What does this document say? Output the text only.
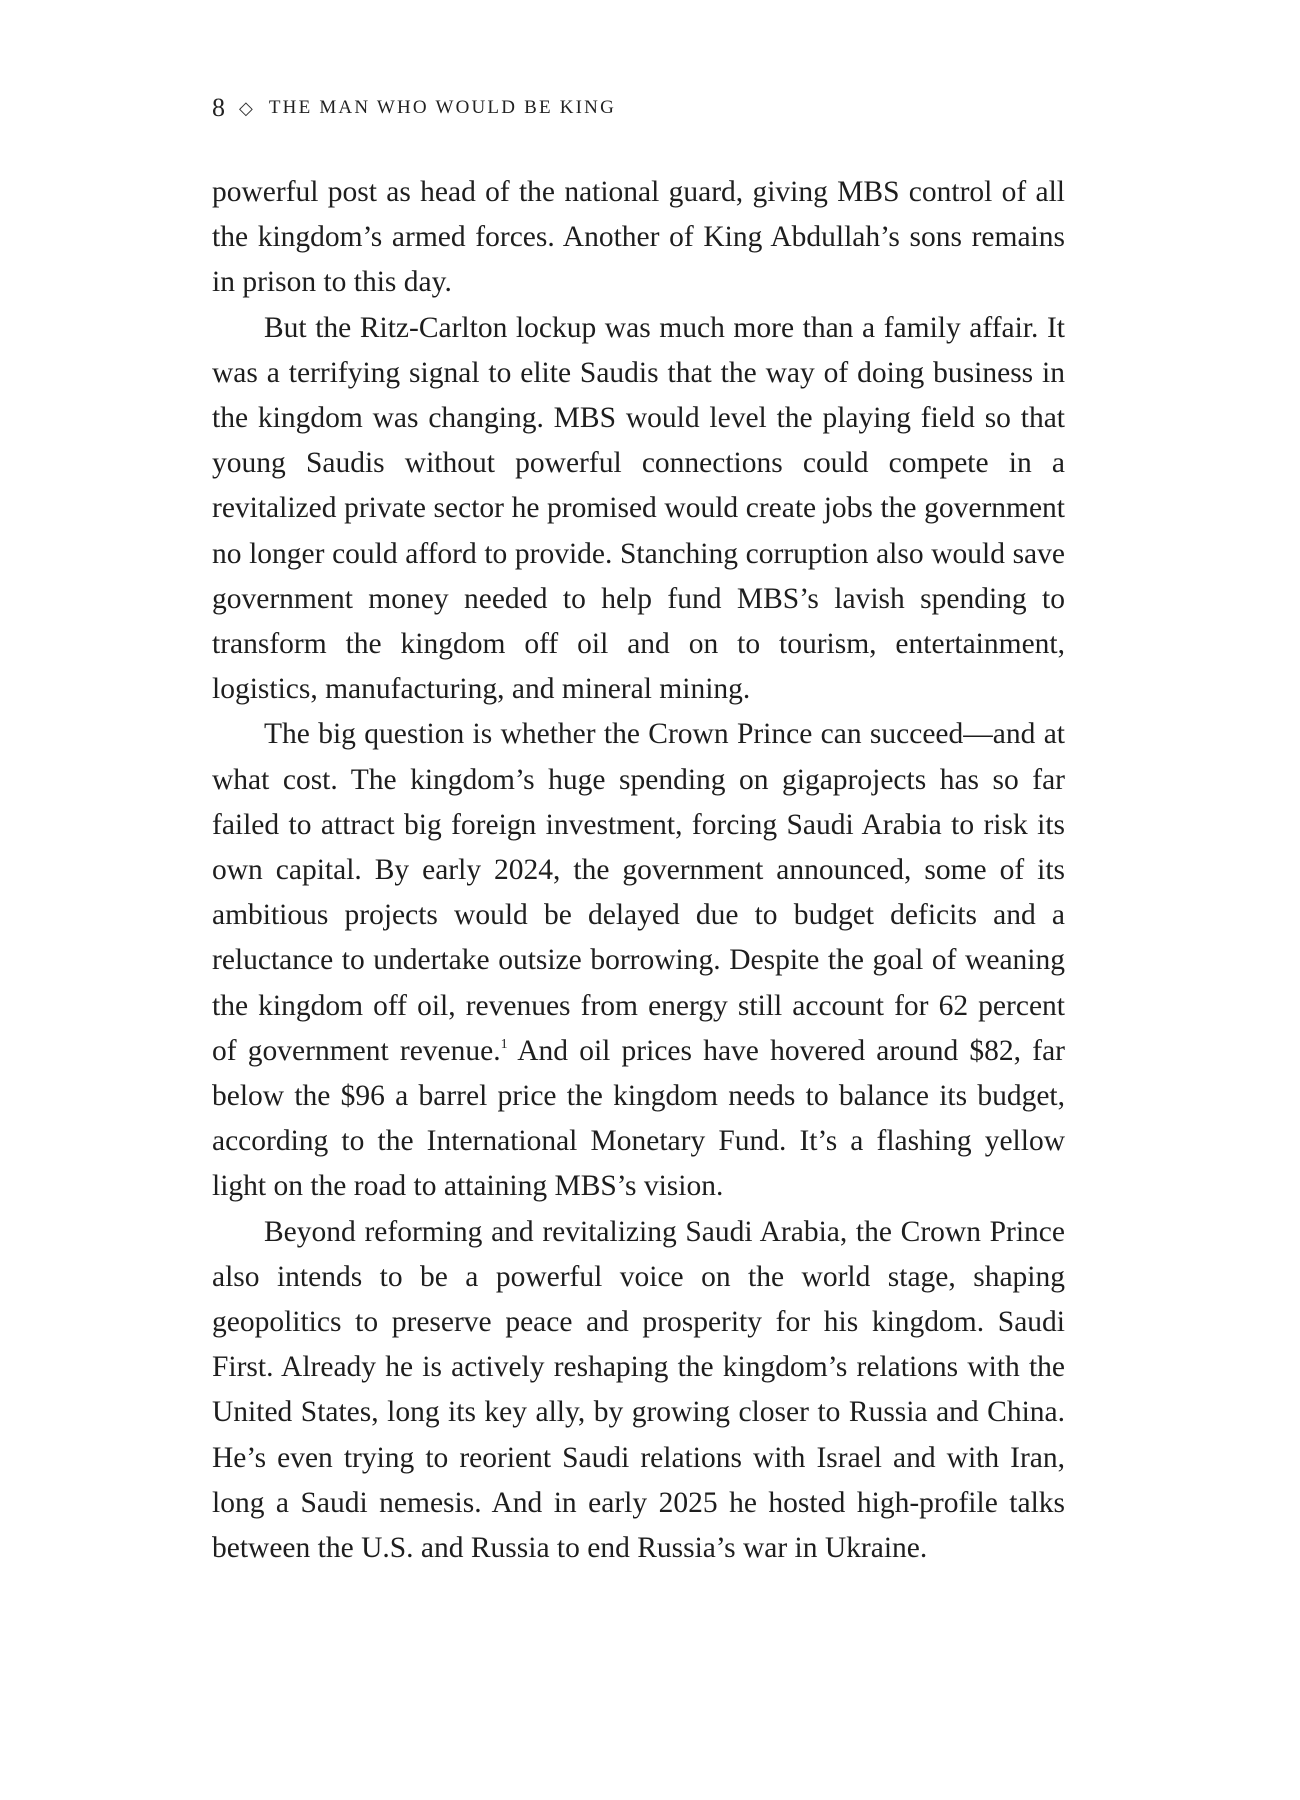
8 ◇ THE MAN WHO WOULD BE KING

powerful post as head of the national guard, giving MBS control of all the kingdom’s armed forces. Another of King Abdullah’s sons remains in prison to this day.

But the Ritz-Carlton lockup was much more than a family affair. It was a terrifying signal to elite Saudis that the way of doing business in the kingdom was changing. MBS would level the playing field so that young Saudis without powerful connections could compete in a revitalized private sector he promised would create jobs the government no longer could afford to provide. Stanching corruption also would save government money needed to help fund MBS’s lavish spending to transform the kingdom off oil and on to tourism, entertainment, logistics, manufacturing, and mineral mining.

The big question is whether the Crown Prince can succeed—and at what cost. The kingdom’s huge spending on gigaprojects has so far failed to attract big foreign investment, forcing Saudi Arabia to risk its own capital. By early 2024, the government announced, some of its ambitious projects would be delayed due to budget deficits and a reluctance to undertake outsize borrowing. Despite the goal of weaning the kingdom off oil, revenues from energy still account for 62 percent of government revenue.$^1$ And oil prices have hovered around $82, far below the $96 a barrel price the kingdom needs to balance its budget, according to the International Monetary Fund. It’s a flashing yellow light on the road to attaining MBS’s vision.

Beyond reforming and revitalizing Saudi Arabia, the Crown Prince also intends to be a powerful voice on the world stage, shaping geopolitics to preserve peace and prosperity for his kingdom. Saudi First. Already he is actively reshaping the kingdom’s relations with the United States, long its key ally, by growing closer to Russia and China. He’s even trying to reorient Saudi relations with Israel and with Iran, long a Saudi nemesis. And in early 2025 he hosted high-profile talks between the U.S. and Russia to end Russia’s war in Ukraine.
